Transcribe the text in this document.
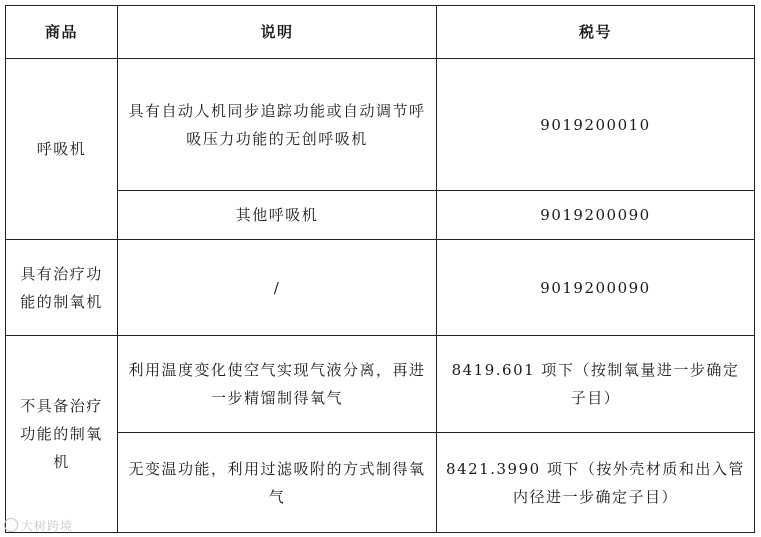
商品	说明	税号
呼吸机	具有自动人机同步追踪功能或自动调节呼吸压力功能的无创呼吸机	9019200010
	其他呼吸机	9019200090
具有治疗功能的制氧机	/	9019200090
不具备治疗功能的制氧机	利用温度变化使空气实现气液分离，再进一步精馏制得氧气	8419.601 项下（按制氧量进一步确定子目）
	无变温功能，利用过滤吸附的方式制得氧气	8421.3990 项下（按外壳材质和出入管内径进一步确定子目）
大树跨境
